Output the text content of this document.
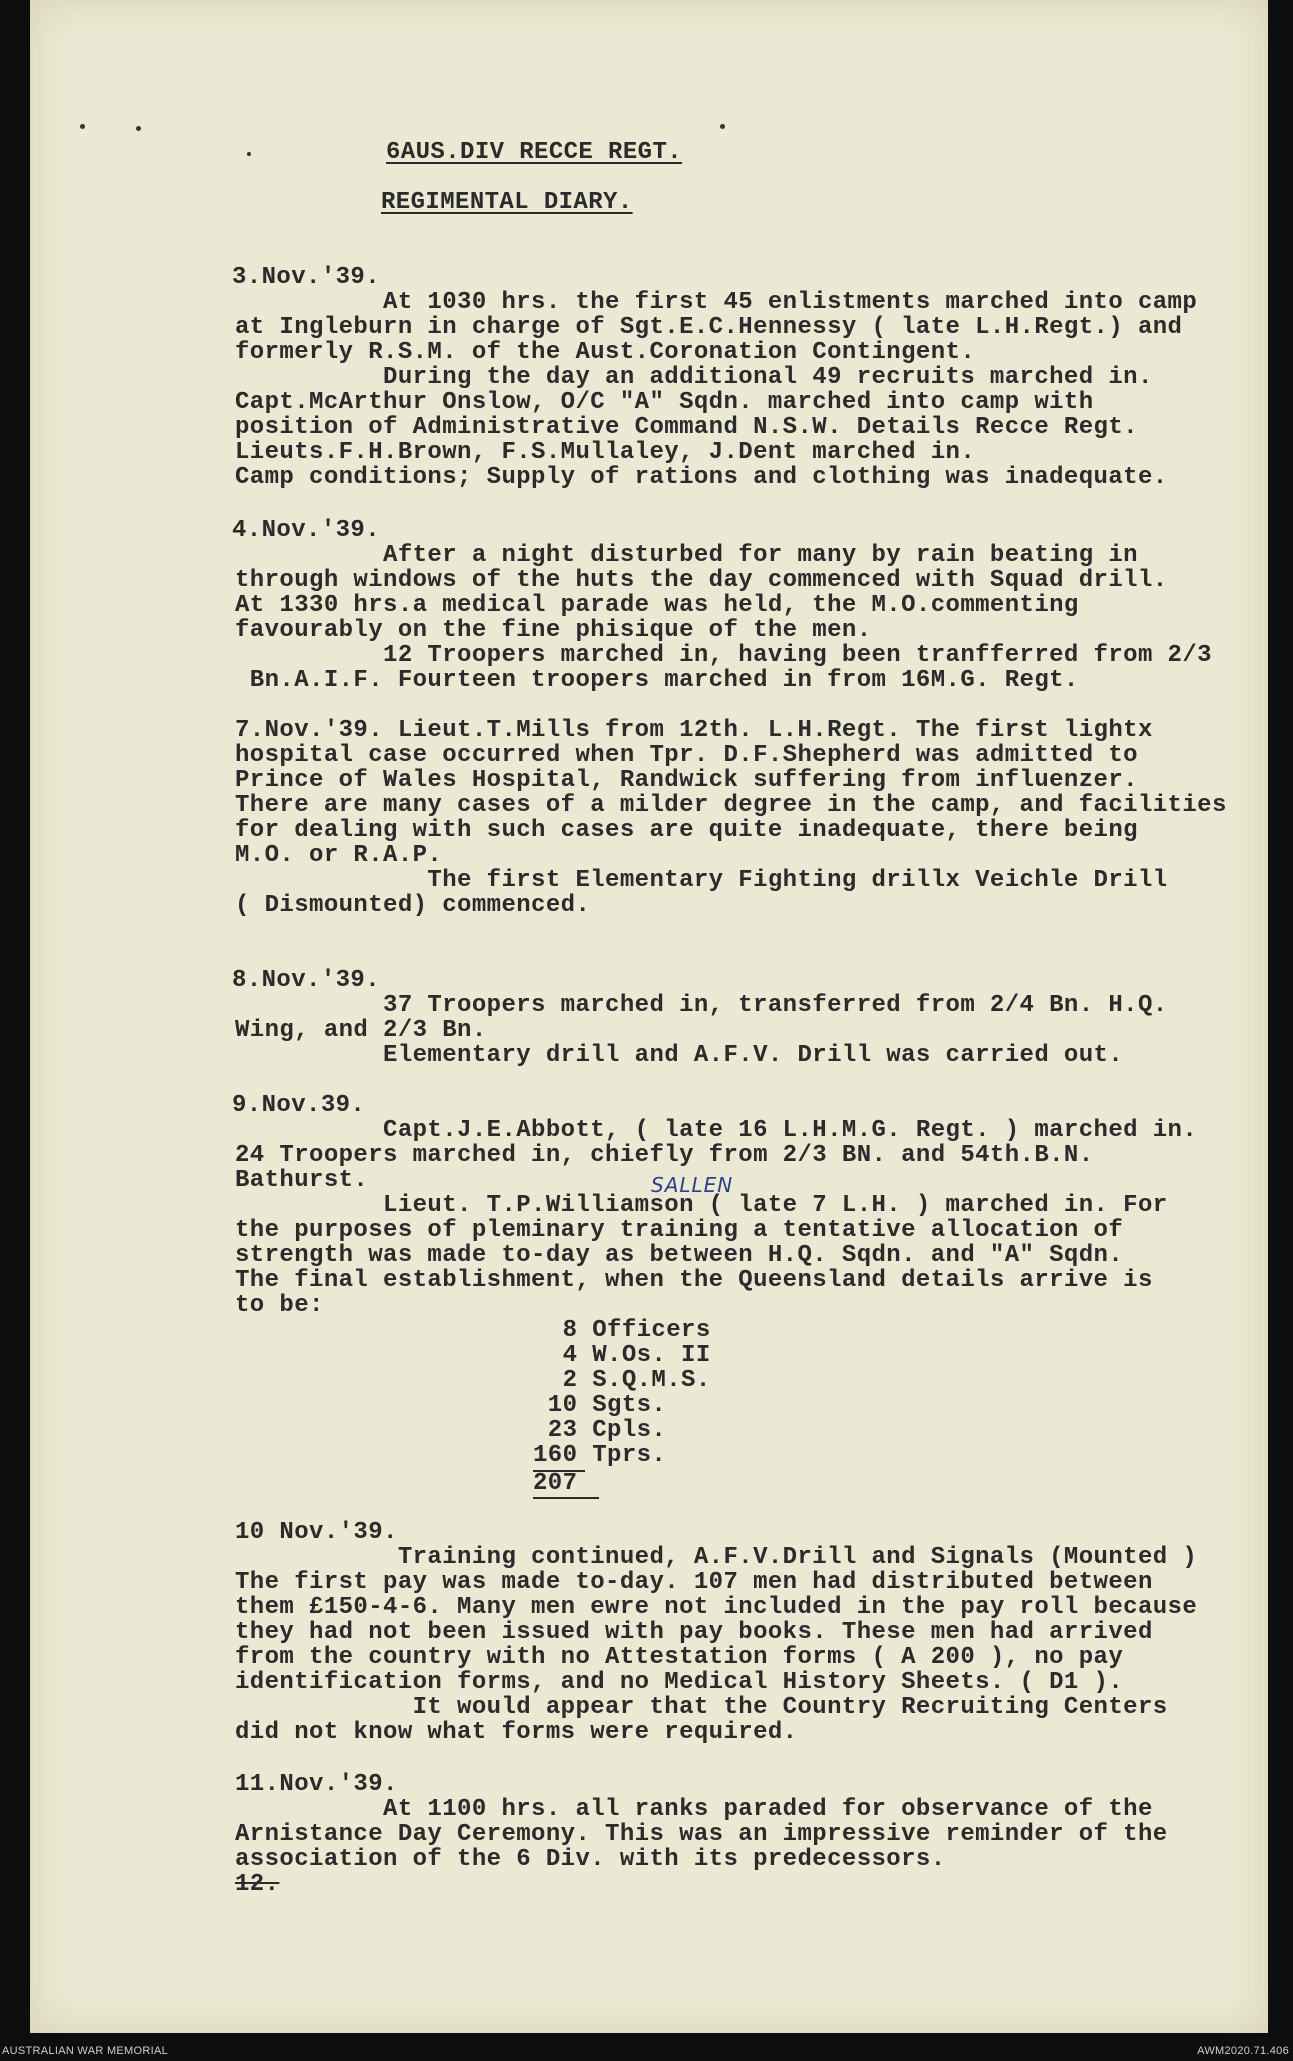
6AUS.DIV RECCE REGT.
REGIMENTAL DIARY.
3.Nov.'39.
At 1030 hrs. the first 45 enlistments marched into camp
at Ingleburn in charge of Sgt.E.C.Hennessy ( late L.H.Regt.) and
formerly R.S.M. of the Aust.Coronation Contingent.
During the day an additional 49 recruits marched in.
Capt.McArthur Onslow, O/C "A" Sqdn. marched into camp with
position of Administrative Command N.S.W. Details Recce Regt.
Lieuts.F.H.Brown, F.S.Mullaley, J.Dent marched in.
Camp conditions; Supply of rations and clothing was inadequate.
4.Nov.'39.
After a night disturbed for many by rain beating in
through windows of the huts the day commenced with Squad drill.
At 1330 hrs.a medical parade was held, the M.O.commenting
favourably on the fine phisique of the men.
12 Troopers marched in, having been tranfferred from 2/3
Bn.A.I.F. Fourteen troopers marched in from 16M.G. Regt.
7.Nov.'39. Lieut.T.Mills from 12th. L.H.Regt. The first lightx
hospital case occurred when Tpr. D.F.Shepherd was admitted to
Prince of Wales Hospital, Randwick suffering from influenzer.
There are many cases of a milder degree in the camp, and facilities
for dealing with such cases are quite inadequate, there being
M.O. or R.A.P.
The first Elementary Fighting drillx Veichle Drill
( Dismounted) commenced.
8.Nov.'39.
37 Troopers marched in, transferred from 2/4 Bn. H.Q.
Wing, and 2/3 Bn.
Elementary drill and A.F.V. Drill was carried out.
9.Nov.39.
Capt.J.E.Abbott, ( late 16 L.H.M.G. Regt. ) marched in.
24 Troopers marched in, chiefly from 2/3 BN. and 54th.B.N.
Bathurst.	SALLEN
Lieut. T.P.Williamson ( late 7 L.H. ) marched in. For
the purposes of pleminary training a tentative allocation of
strength was made to-day as between H.Q. Sqdn. and "A" Sqdn.
The final establishment, when the Queensland details arrive is
to be:
8 Officers
4 W.Os. II
2 S.Q.M.S.
10 Sgts.
23 Cpls.
160 Tprs.
207
10 Nov.'39.
Training continued, A.F.V.Drill and Signals (Mounted )
The first pay was made to-day. 107 men had distributed between
them £150-4-6. Many men ewre not included in the pay roll because
they had not been issued with pay books. These men had arrived
from the country with no Attestation forms ( A 200 ), no pay
identification forms, and no Medical History Sheets. ( D1 ).
It would appear that the Country Recruiting Centers
did not know what forms were required.
11.Nov.'39.
At 1100 hrs. all ranks paraded for observance of the
Arnistance Day Ceremony. This was an impressive reminder of the
association of the 6 Div. with its predecessors.
12.
AUSTRALIAN WAR MEMORIAL	AWM2020.71.406
